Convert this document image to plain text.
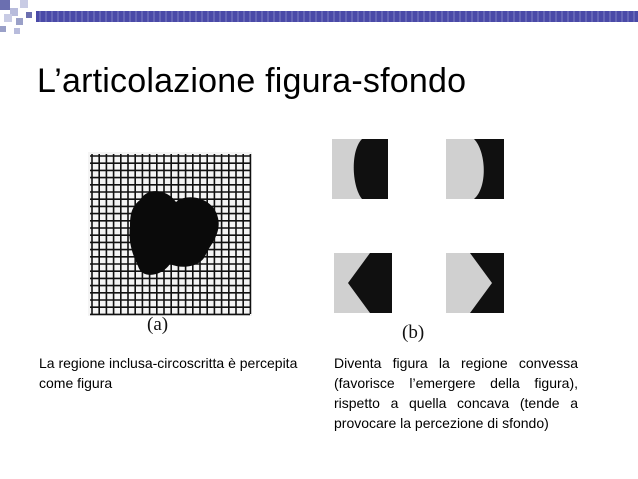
L’articolazione figura-sfondo
(a)	(b)
La regione inclusa-circoscritta è percepita come figura
Diventa figura la regione convessa (favorisce l’emergere della figura), rispetto a quella concava (tende a provocare la percezione di sfondo)
